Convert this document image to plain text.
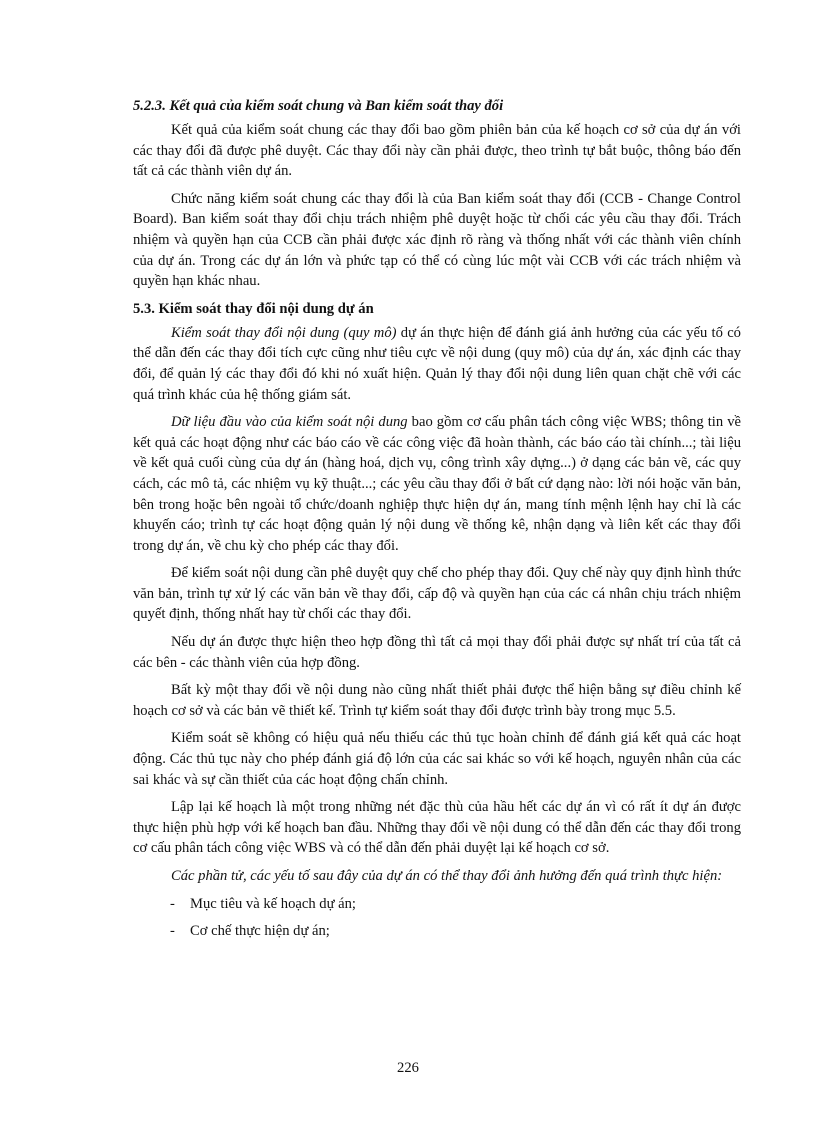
5.2.3. Kết quả của kiểm soát chung và Ban kiểm soát thay đổi

Kết quả của kiểm soát chung các thay đổi bao gồm phiên bản của kế hoạch cơ sở của dự án với các thay đổi đã được phê duyệt. Các thay đổi này cần phải được, theo trình tự bắt buộc, thông báo đến tất cả các thành viên dự án.

Chức năng kiểm soát chung các thay đổi là của Ban kiểm soát thay đổi (CCB - Change Control Board). Ban kiểm soát thay đổi chịu trách nhiệm phê duyệt hoặc từ chối các yêu cầu thay đổi. Trách nhiệm và quyền hạn của CCB cần phải được xác định rõ ràng và thống nhất với các thành viên chính của dự án. Trong các dự án lớn và phức tạp có thể có cùng lúc một vài CCB với các trách nhiệm và quyền hạn khác nhau.

5.3. Kiểm soát thay đổi nội dung dự án

Kiểm soát thay đổi nội dung (quy mô) dự án thực hiện để đánh giá ảnh hưởng của các yếu tố có thể dẫn đến các thay đổi tích cực cũng như tiêu cực về nội dung (quy mô) của dự án, xác định các thay đổi, để quản lý các thay đổi đó khi nó xuất hiện. Quản lý thay đổi nội dung liên quan chặt chẽ với các quá trình khác của hệ thống giám sát.

Dữ liệu đầu vào của kiểm soát nội dung bao gồm cơ cấu phân tách công việc WBS; thông tin về kết quả các hoạt động như các báo cáo về các công việc đã hoàn thành, các báo cáo tài chính...; tài liệu về kết quả cuối cùng của dự án (hàng hoá, dịch vụ, công trình xây dựng...) ở dạng các bản vẽ, các quy cách, các mô tả, các nhiệm vụ kỹ thuật...; các yêu cầu thay đổi ở bất cứ dạng nào: lời nói hoặc văn bản, bên trong hoặc bên ngoài tổ chức/doanh nghiệp thực hiện dự án, mang tính mệnh lệnh hay chỉ là các khuyến cáo; trình tự các hoạt động quản lý nội dung về thống kê, nhận dạng và liên kết các thay đổi trong dự án, về chu kỳ cho phép các thay đổi.

Để kiểm soát nội dung cần phê duyệt quy chế cho phép thay đổi. Quy chế này quy định hình thức văn bản, trình tự xử lý các văn bản về thay đổi, cấp độ và quyền hạn của các cá nhân chịu trách nhiệm quyết định, thống nhất hay từ chối các thay đổi.

Nếu dự án được thực hiện theo hợp đồng thì tất cả mọi thay đổi phải được sự nhất trí của tất cả các bên - các thành viên của hợp đồng.

Bất kỳ một thay đổi về nội dung nào cũng nhất thiết phải được thể hiện bằng sự điều chỉnh kế hoạch cơ sở và các bản vẽ thiết kế. Trình tự kiểm soát thay đổi được trình bày trong mục 5.5.

Kiểm soát sẽ không có hiệu quả nếu thiếu các thủ tục hoàn chỉnh để đánh giá kết quả các hoạt động. Các thủ tục này cho phép đánh giá độ lớn của các sai khác so với kế hoạch, nguyên nhân của các sai khác và sự cần thiết của các hoạt động chấn chỉnh.

Lập lại kế hoạch là một trong những nét đặc thù của hầu hết các dự án vì có rất ít dự án được thực hiện phù hợp với kế hoạch ban đầu. Những thay đổi về nội dung có thể dẫn đến các thay đổi trong cơ cấu phân tách công việc WBS và có thể dẫn đến phải duyệt lại kế hoạch cơ sở.

Các phần tử, các yếu tố sau đây của dự án có thể thay đổi ảnh hưởng đến quá trình thực hiện:

- Mục tiêu và kế hoạch dự án;
- Cơ chế thực hiện dự án;
226
